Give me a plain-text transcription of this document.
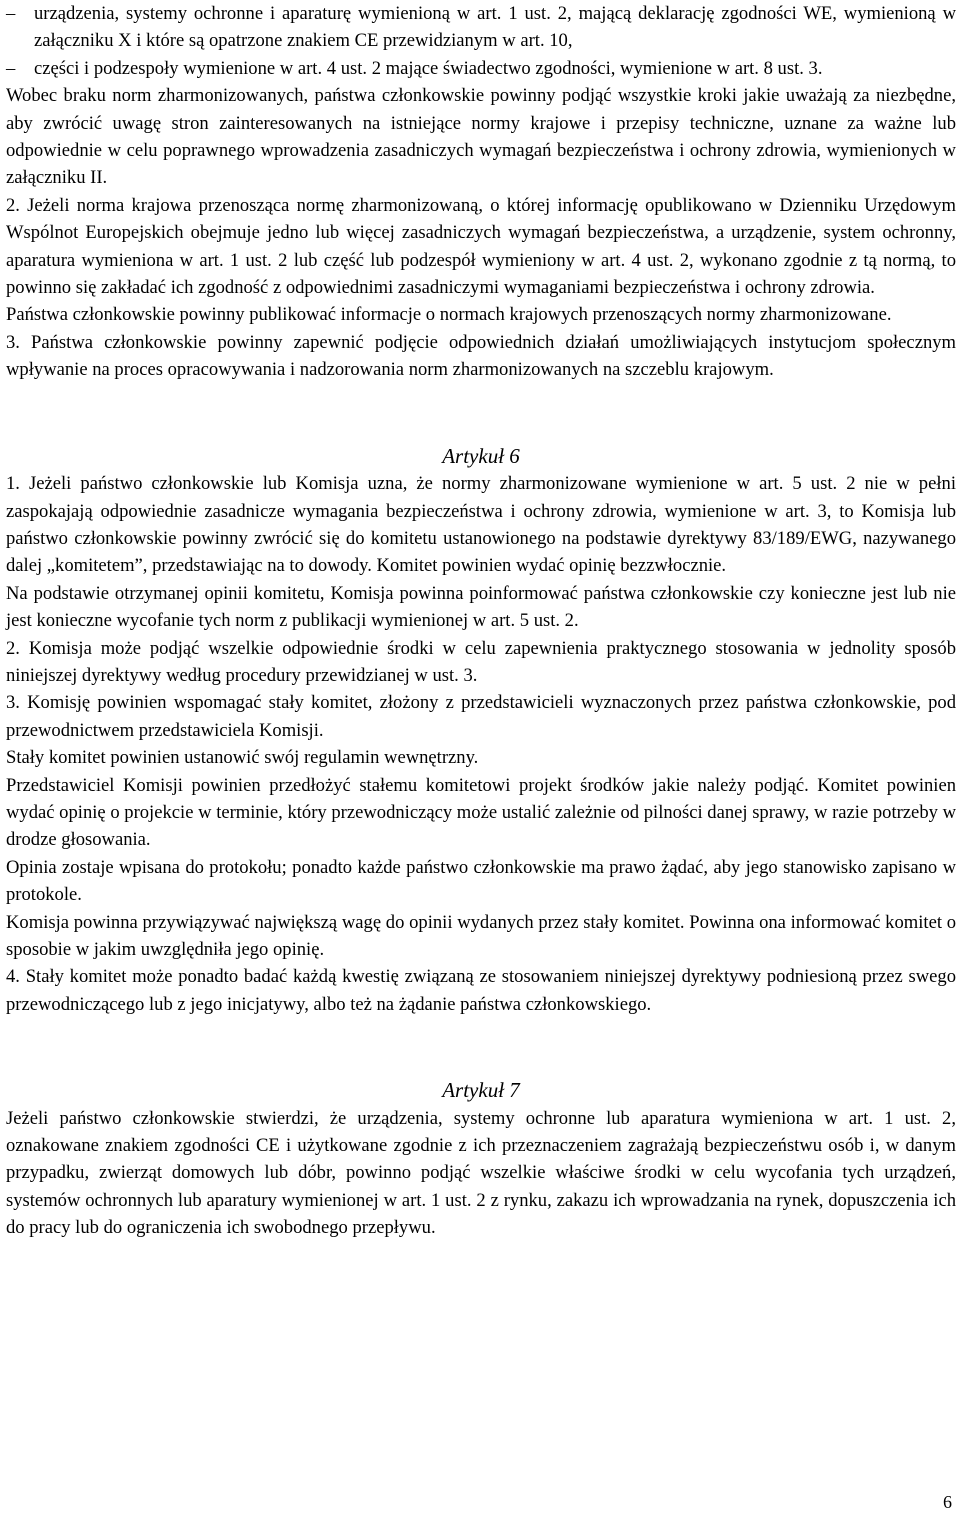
–	urządzenia, systemy ochronne i aparaturę wymienioną w art. 1 ust. 2, mającą deklarację zgodności WE, wymienioną w załączniku X i które są opatrzone znakiem CE przewidzianym w art. 10,
–	części i podzespoły wymienione w art. 4 ust. 2 mające świadectwo zgodności, wymienione w art. 8 ust. 3.

Wobec braku norm zharmonizowanych, państwa członkowskie powinny podjąć wszystkie kroki jakie uważają za niezbędne, aby zwrócić uwagę stron zainteresowanych na istniejące normy krajowe i przepisy techniczne, uznane za ważne lub odpowiednie w celu poprawnego wprowadzenia zasadniczych wymagań bezpieczeństwa i ochrony zdrowia, wymienionych w załączniku II.

2. Jeżeli norma krajowa przenosząca normę zharmonizowaną, o której informację opublikowano w Dzienniku Urzędowym Wspólnot Europejskich obejmuje jedno lub więcej zasadniczych wymagań bezpieczeństwa, a urządzenie, system ochronny, aparatura wymieniona w art. 1 ust. 2 lub część lub podzespół wymieniony w art. 4 ust. 2, wykonano zgodnie z tą normą, to powinno się zakładać ich zgodność z odpowiednimi zasadniczymi wymaganiami bezpieczeństwa i ochrony zdrowia.

Państwa członkowskie powinny publikować informacje o normach krajowych przenoszących normy zharmonizowane.

3. Państwa członkowskie powinny zapewnić podjęcie odpowiednich działań umożliwiających instytucjom społecznym wpływanie na proces opracowywania i nadzorowania norm zharmonizowanych na szczeblu krajowym.

Artykuł 6

1. Jeżeli państwo członkowskie lub Komisja uzna, że normy zharmonizowane wymienione w art. 5 ust. 2 nie w pełni zaspokajają odpowiednie zasadnicze wymagania bezpieczeństwa i ochrony zdrowia, wymienione w art. 3, to Komisja lub państwo członkowskie powinny zwrócić się do komitetu ustanowionego na podstawie dyrektywy 83/189/EWG, nazywanego dalej „komitetem”, przedstawiając na to dowody. Komitet powinien wydać opinię bezzwłocznie.

Na podstawie otrzymanej opinii komitetu, Komisja powinna poinformować państwa członkowskie czy konieczne jest lub nie jest konieczne wycofanie tych norm z publikacji wymienionej w art. 5 ust. 2.

2. Komisja może podjąć wszelkie odpowiednie środki w celu zapewnienia praktycznego stosowania w jednolity sposób niniejszej dyrektywy według procedury przewidzianej w ust. 3.

3. Komisję powinien wspomagać stały komitet, złożony z przedstawicieli wyznaczonych przez państwa członkowskie, pod przewodnictwem przedstawiciela Komisji.

Stały komitet powinien ustanowić swój regulamin wewnętrzny.

Przedstawiciel Komisji powinien przedłożyć stałemu komitetowi projekt środków jakie należy podjąć. Komitet powinien wydać opinię o projekcie w terminie, który przewodniczący może ustalić zależnie od pilności danej sprawy, w razie potrzeby w drodze głosowania.

Opinia zostaje wpisana do protokołu; ponadto każde państwo członkowskie ma prawo żądać, aby jego stanowisko zapisano w protokole.

Komisja powinna przywiązywać największą wagę do opinii wydanych przez stały komitet. Powinna ona informować komitet o sposobie w jakim uwzględniła jego opinię.

4. Stały komitet może ponadto badać każdą kwestię związaną ze stosowaniem niniejszej dyrektywy podniesioną przez swego przewodniczącego lub z jego inicjatywy, albo też na żądanie państwa członkowskiego.

Artykuł 7

Jeżeli państwo członkowskie stwierdzi, że urządzenia, systemy ochronne lub aparatura wymieniona w art. 1 ust. 2, oznakowane znakiem zgodności CE i użytkowane zgodnie z ich przeznaczeniem zagrażają bezpieczeństwu osób i, w danym przypadku, zwierząt domowych lub dóbr, powinno podjąć wszelkie właściwe środki w celu wycofania tych urządzeń, systemów ochronnych lub aparatury wymienionej w art. 1 ust. 2 z rynku, zakazu ich wprowadzania na rynek, dopuszczenia ich do pracy lub do ograniczenia ich swobodnego przepływu.

6
